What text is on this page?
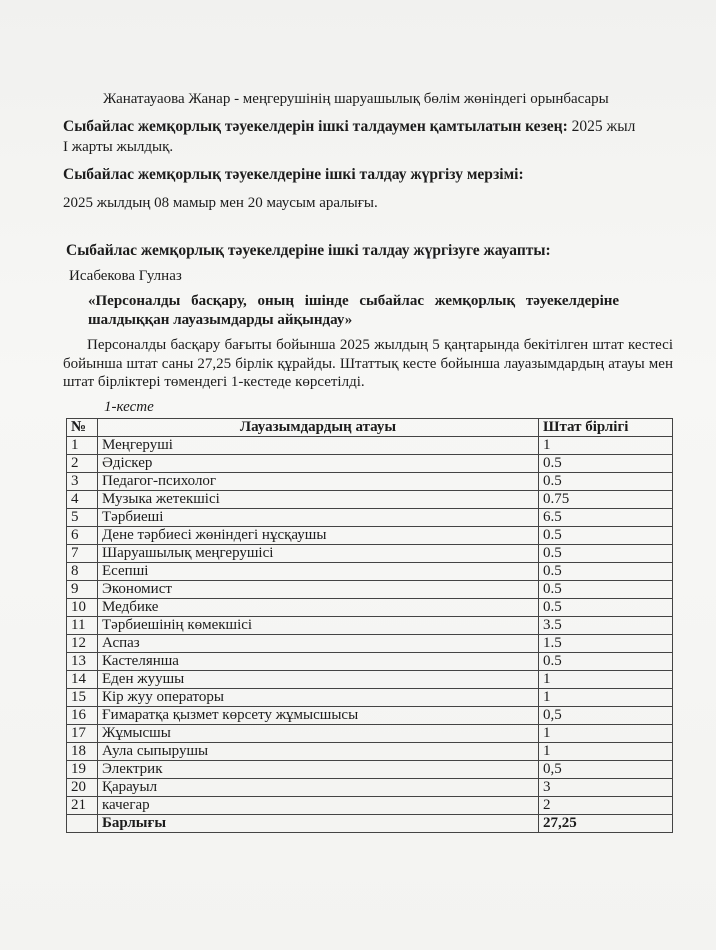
Жанатауаова Жанар - меңгерушінің шаруашылық бөлім жөніндегі орынбасары
Сыбайлас жемқорлық тәуекелдерін ішкі талдаумен қамтылатын кезең: 2025 жыл
І жарты жылдық.
Сыбайлас жемқорлық тәуекелдеріне ішкі талдау жүргізу мерзімі:
2025 жылдың 08 мамыр мен 20 маусым аралығы.
Сыбайлас жемқорлық тәуекелдеріне ішкі талдау жүргізуге жауапты:
Исабекова Гулназ
«Персоналды басқару, оның ішінде сыбайлас жемқорлық тәуекелдеріне
шалдыққан лауазымдарды айқындау»
Персоналды басқару бағыты бойынша 2025 жылдың 5 қаңтарында бекітілген штат кестесі бойынша штат саны 27,25 бірлік құрайды. Штаттық кесте бойынша лауазымдардың атауы мен штат бірліктері төмендегі 1-кестеде көрсетілді.
1-кесте
№	Лауазымдардың атауы	Штат бірлігі
1	Меңгеруші	1
2	Әдіскер	0.5
3	Педагог-психолог	0.5
4	Музыка жетекшісі	0.75
5	Тәрбиеші	6.5
6	Дене тәрбиесі жөніндегі нұсқаушы	0.5
7	Шаруашылық меңгерушісі	0.5
8	Есепші	0.5
9	Экономист	0.5
10	Медбике	0.5
11	Тәрбиешінің көмекшісі	3.5
12	Аспаз	1.5
13	Кастелянша	0.5
14	Еден жуушы	1
15	Кір жуу операторы	1
16	Ғимаратқа қызмет көрсету жұмысшысы	0,5
17	Жұмысшы	1
18	Аула сыпырушы	1
19	Электрик	0,5
20	Қарауыл	3
21	качегар	2
	Барлығы	27,25
